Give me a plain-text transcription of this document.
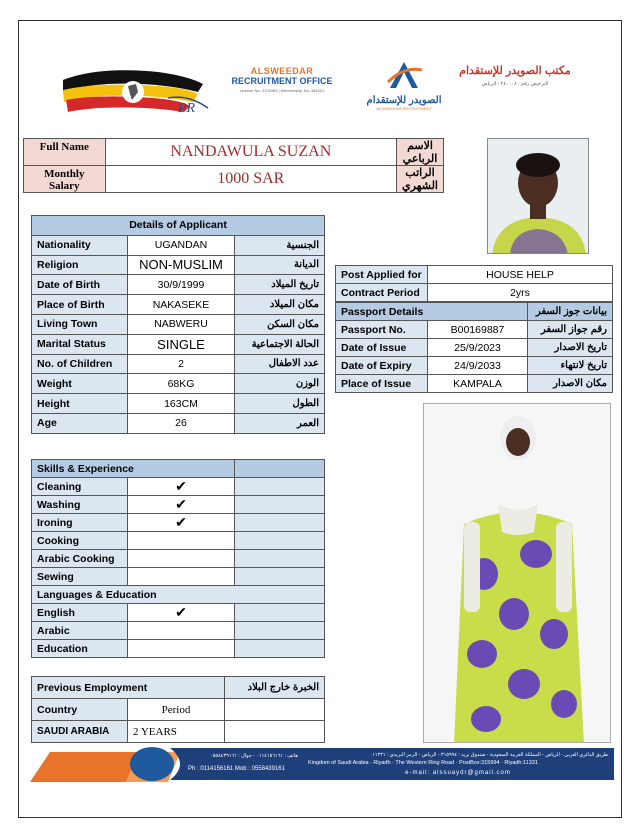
PR
ALSWEEDAR
RECRUITMENT OFFICE
License No: 3701083 | Membership No: 346201
الصويدر للإستقدام
ALSWEEDAR RECRUITMENT
مكتب الصويدر للإستقدام
الترخيص رقم : ٢٤٠٠٠٨ - الرياض
Full Name	NANDAWULA SUZAN	الاسم الرباعي
Monthly Salary	1000 SAR	الراتب الشهري
Details of Applicant		
Nationality	UGANDAN	الجنسية
Religion	NON-MUSLIM	الديانة
Date of Birth	30/9/1999	تاريخ الميلاد
Place of Birth	NAKASEKE	مكان الميلاد
Living Town	NABWERU	مكان السكن
Marital Status	SINGLE	الحالة الاجتماعية
No. of Children	2	عدد الاطفال
Weight	68KG	الوزن
Height	163CM	الطول
Age	26	العمر
Post Applied for	HOUSE HELP
Contract Period	2yrs
Passport Details		بيانات جوز السفر
Passport No.	B00169887	رقم جواز السفر
Date of Issue	25/9/2023	تاريخ الاصدار
Date of Expiry	24/9/2033	تاريخ لانتهاء
Place of Issue	KAMPALA	مكان الاصدار
Skills & Experience		
Cleaning	✔	
Washing	✔	
Ironing	✔	
Cooking		
Arabic Cooking		
Sewing		
Languages & Education		
English	✔	
Arabic		
Education		
Previous Employment		الخبرة خارج البلاد
Country	Period	
SAUDI ARABIA	2 YEARS	
هاتف : ٠١١٤١٥٦١٦١ - جوال : ٠٥٥٨٤٣٩١٦١
Ph : 0114156161 Mob : 0558439161
طريق الدائري الغربي - الرياض - المملكة العربية السعودية - صندوق بريد : ٣١٥٩٩٤ - الرياض - الرمز البريدي : ١١٣٣١
Kingdom of Saudi Arabia · Riyadh · The Western Ring Road · PostBox:315994 · Riyadh:11331
e-mail: alssuaydr@gmail.com
